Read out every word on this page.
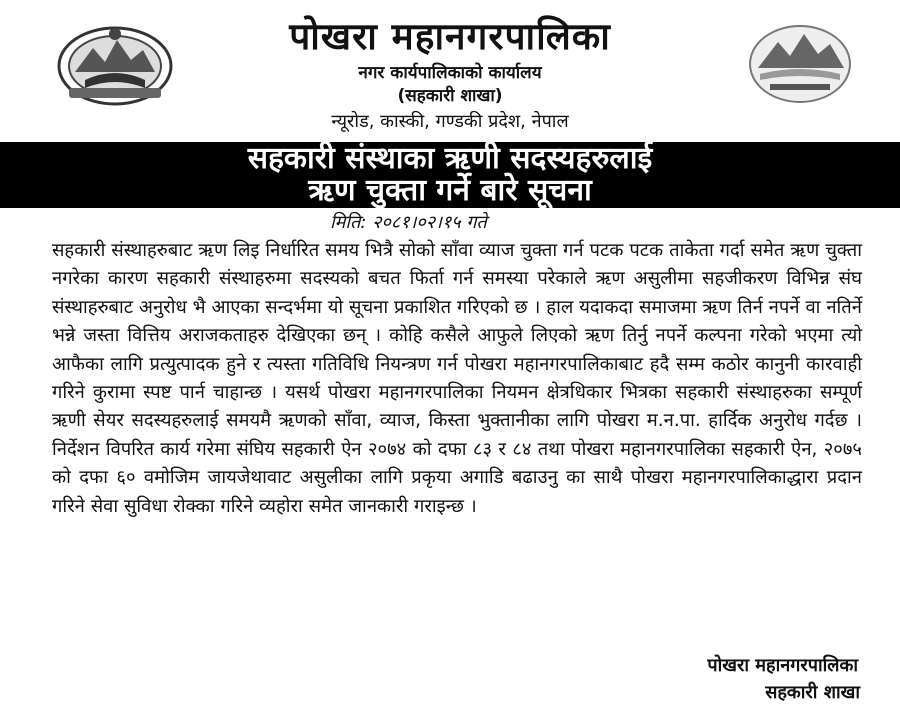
पोखरा महानगरपालिका
नगर कार्यपालिकाको कार्यालय
(सहकारी शाखा)
न्यूरोड, कास्की, गण्डकी प्रदेश, नेपाल
सहकारी संस्थाका ऋणी सदस्यहरुलाई
ऋण चुक्ता गर्ने बारे सूचना
मिति: २०८१।०२।१५ गते

सहकारी संस्थाहरुबाट ऋण लिइ निर्धारित समय भित्रै सोको साँवा व्याज चुक्ता गर्न पटक पटक ताकेता गर्दा समेत ऋण चुक्ता नगरेका कारण सहकारी संस्थाहरुमा सदस्यको बचत फिर्ता गर्न समस्या परेकाले ऋण असुलीमा सहजीकरण विभिन्न संघ संस्थाहरुबाट अनुरोध भै आएका सन्दर्भमा यो सूचना प्रकाशित गरिएको छ । हाल यदाकदा समाजमा ऋण तिर्न नपर्ने वा नतिर्ने भन्ने जस्ता वित्तिय अराजकताहरु देखिएका छन् । कोहि कसैले आफुले लिएको ऋण तिर्नु नपर्ने कल्पना गरेको भएमा त्यो आफैका लागि प्रत्युत्पादक हुने र त्यस्ता गतिविधि नियन्त्रण गर्न पोखरा महानगरपालिकाबाट हदै सम्म कठोर कानुनी कारवाही गरिने कुरामा स्पष्ट पार्न चाहान्छ । यसर्थ पोखरा महानगरपालिका नियमन क्षेत्रधिकार भित्रका सहकारी संस्थाहरुका सम्पूर्ण ऋणी सेयर सदस्यहरुलाई समयमै ऋणको साँवा, व्याज, किस्ता भुक्तानीका लागि पोखरा म.न.पा. हार्दिक अनुरोध गर्दछ । निर्देशन विपरित कार्य गरेमा संघिय सहकारी ऐन २०७४ को दफा ८३ र ८४ तथा पोखरा महानगरपालिका सहकारी ऐन, २०७५ को दफा ६० वमोजिम जायजेथावाट असुलीका लागि प्रकृया अगाडि बढाउनु का साथै पोखरा महानगरपालिकाद्धारा प्रदान गरिने सेवा सुविधा रोक्का गरिने व्यहोरा समेत जानकारी गराइन्छ ।

पोखरा महानगरपालिका
सहकारी शाखा
